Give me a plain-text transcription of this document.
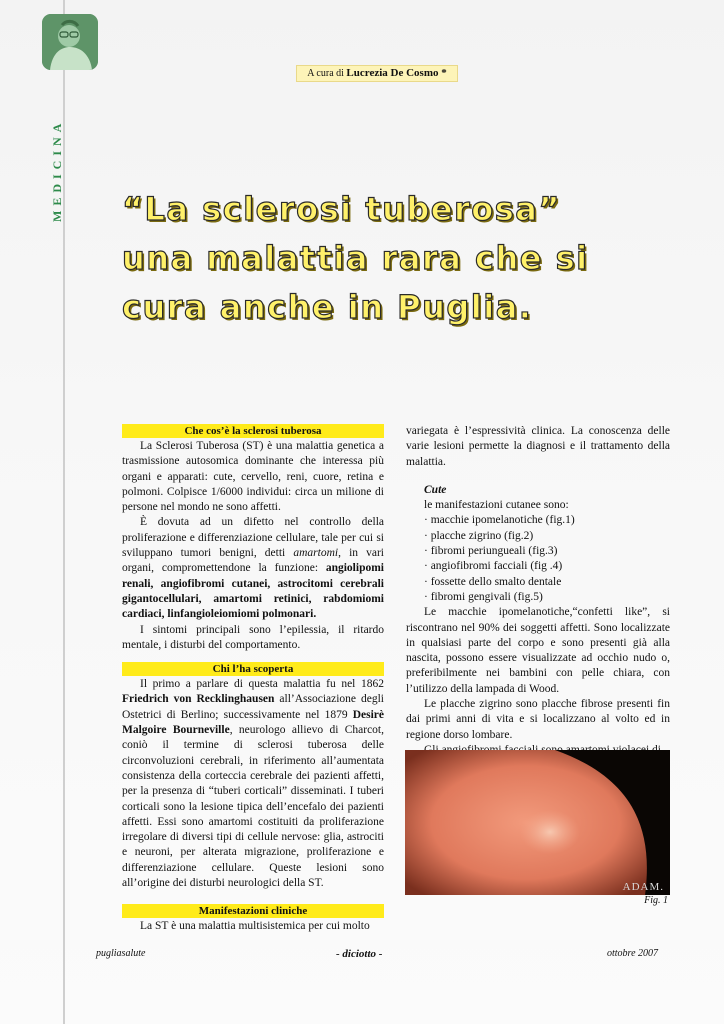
MEDICINA
A cura di Lucrezia De Cosmo *
“La sclerosi tuberosa”
una malattia rara che si
cura anche in Puglia.
Che cos’è la sclerosi tuberosa

La Sclerosi Tuberosa (ST) è una malattia genetica a trasmissione autosomica dominante che interessa più organi e apparati: cute, cervello, reni, cuore, retina e polmoni. Colpisce 1/6000 individui: circa un milione di persone nel mondo ne sono affetti.

È dovuta ad un difetto nel controllo della proliferazione e differenziazione cellulare, tale per cui si sviluppano tumori benigni, detti amartomi, in vari organi, compromettendone la funzione: angiolipomi renali, angiofibromi cutanei, astrocitomi cerebrali gigantocellulari, amartomi retinici, rabdomiomi cardiaci, linfangioleiomiomi polmonari.

I sintomi principali sono l’epilessia, il ritardo mentale, i disturbi del comportamento.

Chi l’ha scoperta

Il primo a parlare di questa malattia fu nel 1862 Friedrich von Recklinghausen all’Associazione degli Ostetrici di Berlino; successivamente nel 1879 Desirè Malgoire Bourneville, neurologo allievo di Charcot, coniò il termine di sclerosi tuberosa delle circonvoluzioni cerebrali, in riferimento all’aumentata consistenza della corteccia cerebrale dei pazienti affetti, per la presenza di “tuberi corticali” disseminati. I tuberi corticali sono la lesione tipica dell’encefalo dei pazienti affetti. Essi sono amartomi costituiti da proliferazione irregolare di diversi tipi di cellule nervose: glia, astrociti e neuroni, per alterata migrazione, proliferazione e differenziazione cellulare. Queste lesioni sono all’origine dei disturbi neurologici della ST.

Manifestazioni cliniche

La ST è una malattia multisistemica per cui molto

variegata è l’espressività clinica. La conoscenza delle varie lesioni permette la diagnosi e il trattamento della malattia.

Cute

le manifestazioni cutanee sono:

· macchie ipomelanotiche (fig.1)
· placche zigrino (fig.2)
· fibromi periungueali (fig.3)
· angiofibromi facciali (fig .4)
· fossette dello smalto dentale
· fibromi gengivali (fig.5)

Le macchie ipomelanotiche,“confetti like”, si riscontrano nel 90% dei soggetti affetti. Sono localizzate in qualsiasi parte del corpo e sono presenti già alla nascita, possono essere visualizzate ad occhio nudo o, preferibilmente nei bambini con pelle chiara, con l’utilizzo della lampada di Wood.

Le placche zigrino sono placche fibrose presenti fin dai primi anni di vita e si localizzano al volto ed in regione dorso lombare.

ADAM.
Fig. 1
pugliasalute	- diciotto -	ottobre 2007
